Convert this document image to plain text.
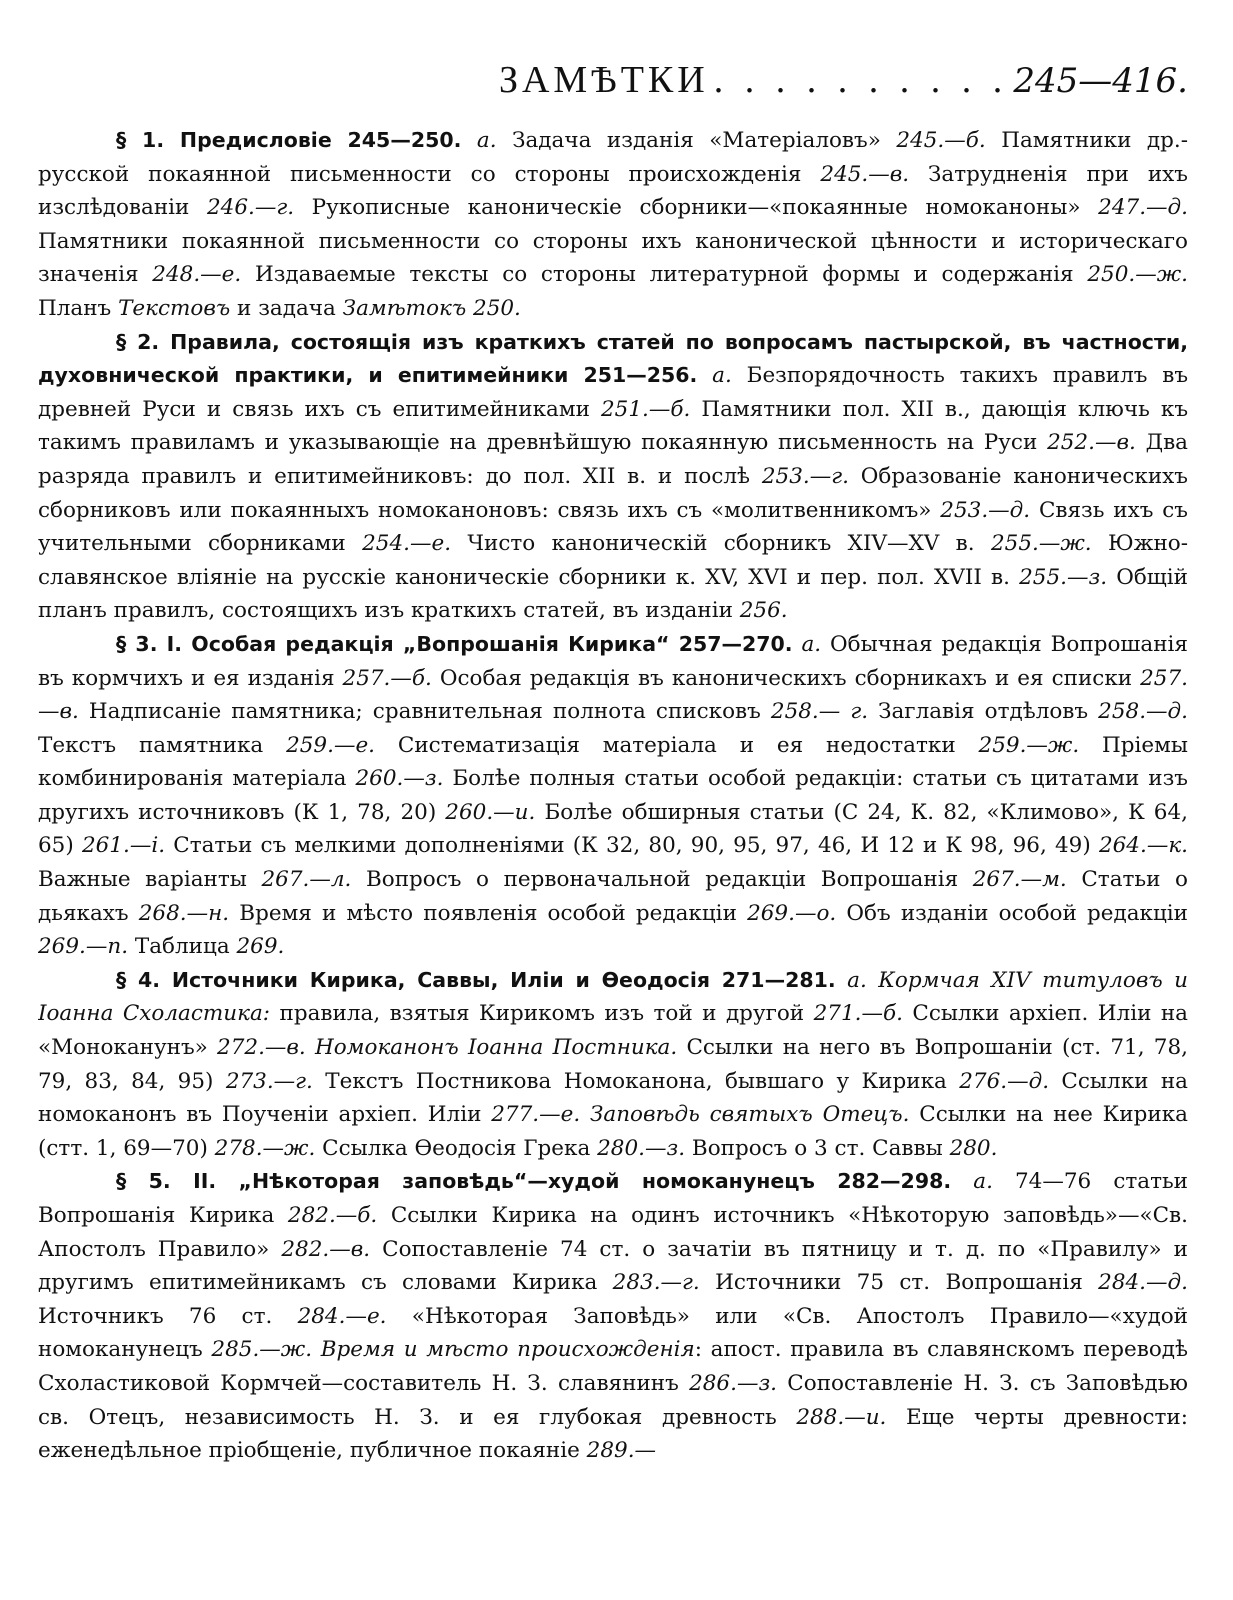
ЗАМѢТКИ . . . . . . . . . . 245—416.

§ 1. Предисловіе 245—250. а. Задача изданія «Матеріаловъ» 245.—б. Памятники др.-русской покаянной письменности со стороны происхожденія 245.—в. Затрудненія при ихъ изслѣдованіи 246.—г. Рукописные каноническіе сборники—«покаянные номоканоны» 247.—д. Памятники покаянной письменности со стороны ихъ канонической цѣнности и историческаго значенія 248.—е. Издаваемые тексты со стороны литературной формы и содержанія 250.—ж. Планъ Текстовъ и задача Замѣтокъ 250.

§ 2. Правила, состоящія изъ краткихъ статей по вопросамъ пастырской, въ частности, духовнической практики, и епитимейники 251—256. а. Безпорядочность такихъ правилъ въ древней Руси и связь ихъ съ епитимейниками 251.—б. Памятники пол. XII в., дающія ключь къ такимъ правиламъ и указывающіе на древнѣйшую покаянную письменность на Руси 252.—в. Два разряда правилъ и епитимейниковъ: до пол. XII в. и послѣ 253.—г. Образованіе каноническихъ сборниковъ или покаянныхъ номоканоновъ: связь ихъ съ «молитвенникомъ» 253.—д. Связь ихъ съ учительными сборниками 254.—е. Чисто каноническій сборникъ XIV—XV в. 255.—ж. Южно-славянское вліяніе на русскіе каноническіе сборники к. XV, XVI и пер. пол. XVII в. 255.—з. Общій планъ правилъ, состоящихъ изъ краткихъ статей, въ изданіи 256.

§ 3. I. Особая редакція „Вопрошанія Кирика“ 257—270. а. Обычная редакція Вопрошанія въ кормчихъ и ея изданія 257.—б. Особая редакція въ каноническихъ сборникахъ и ея списки 257.—в. Надписаніе памятника; сравнительная полнота списковъ 258.— г. Заглавія отдѣловъ 258.—д. Текстъ памятника 259.—е. Систематизація матеріала и ея недостатки 259.—ж. Пріемы комбинированія матеріала 260.—з. Болѣе полныя статьи особой редакціи: статьи съ цитатами изъ другихъ источниковъ (К 1, 78, 20) 260.—и. Болѣе обширныя статьи (С 24, К. 82, «Климово», К 64, 65) 261.—і. Статьи съ мелкими дополненіями (К 32, 80, 90, 95, 97, 46, И 12 и К 98, 96, 49) 264.—к. Важные варіанты 267.—л. Вопросъ о первоначальной редакціи Вопрошанія 267.—м. Статьи о дьякахъ 268.—н. Время и мѣсто появленія особой редакціи 269.—о. Объ изданіи особой редакціи 269.—п. Таблица 269.

§ 4. Источники Кирика, Саввы, Иліи и Өеодосія 271—281. а. Кормчая XIV титуловъ и Іоанна Схоластика: правила, взятыя Кирикомъ изъ той и другой 271.—б. Ссылки архіеп. Иліи на «Моноканунъ» 272.—в. Номоканонъ Іоанна Постника. Ссылки на него въ Вопрошаніи (ст. 71, 78, 79, 83, 84, 95) 273.—г. Текстъ Постникова Номоканона, бывшаго у Кирика 276.—д. Ссылки на номоканонъ въ Поученіи архіеп. Иліи 277.—е. Заповѣдь святыхъ Отецъ. Ссылки на нее Кирика (стт. 1, 69—70) 278.—ж. Ссылка Өеодосія Грека 280.—з. Вопросъ о 3 ст. Саввы 280.

§ 5. II. „Нѣкоторая заповѣдь“—худой номоканунецъ 282—298. а. 74—76 статьи Вопрошанія Кирика 282.—б. Ссылки Кирика на одинъ источникъ «Нѣкоторую заповѣдь»—«Св. Апостолъ Правило» 282.—в. Сопоставленіе 74 ст. о зачатіи въ пятницу и т. д. по «Правилу» и другимъ епитимейникамъ съ словами Кирика 283.—г. Источники 75 ст. Вопрошанія 284.—д. Источникъ 76 ст. 284.—е. «Нѣкоторая Заповѣдь» или «Св. Апостолъ Правило—«худой номоканунецъ 285.—ж. Время и мѣсто происхожденія: апост. правила въ славянскомъ переводѣ Схоластиковой Кормчей—составитель Н. З. славянинъ 286.—з. Сопоставленіе Н. З. съ Заповѣдью св. Отецъ, независимость Н. З. и ея глубокая древность 288.—и. Еще черты древности: еженедѣльное пріобщеніе, публичное покаяніе 289.—
